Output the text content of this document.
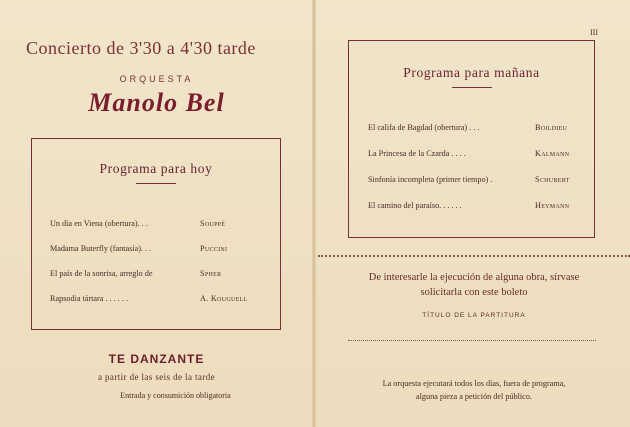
Concierto de 3'30 a 4'30 tarde
ORQUESTA
Manolo Bel
Programa para hoy
Un día en Viena (obertura). . .	Souppé
Madama Buterfly (fantasía). . .	Puccini
El país de la sonrisa, arreglo de	Spher
Rapsodia tártara . . . . . .	A. Kouguell
TE DANZANTE
a partir de las seis de la tarde
Entrada y consumición obligatoria
III
Programa para mañana
El califa de Bagdad (obertura) . . .	Boildieu
La Princesa de la Czarda . . . .	Kalmann
Sinfonía incompleta (primer tiempo) .	Schubert
El camino del paraíso. . . . . .	Heymann
De interesarle la ejecución de alguna obra, sírvase
solicitarla con este boleto
TÍTULO DE LA PARTITURA
La orquesta ejecutará todos los días, fuera de programa,
alguna pieza a petición del público.
